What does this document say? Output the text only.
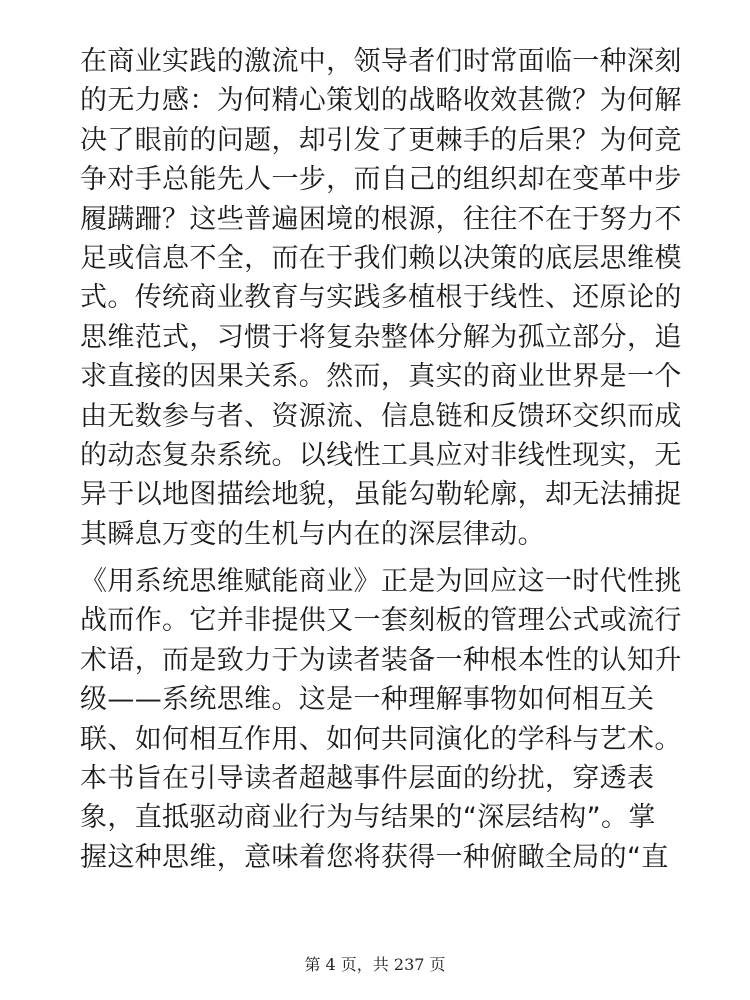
在商业实践的激流中，领导者们时常面临一种深刻
的无力感：为何精心策划的战略收效甚微？为何解
决了眼前的问题，却引发了更棘手的后果？为何竞
争对手总能先人一步，而自己的组织却在变革中步
履蹒跚？这些普遍困境的根源，往往不在于努力不
足或信息不全，而在于我们赖以决策的底层思维模
式。传统商业教育与实践多植根于线性、还原论的
思维范式，习惯于将复杂整体分解为孤立部分，追
求直接的因果关系。然而，真实的商业世界是一个
由无数参与者、资源流、信息链和反馈环交织而成
的动态复杂系统。以线性工具应对非线性现实，无
异于以地图描绘地貌，虽能勾勒轮廓，却无法捕捉
其瞬息万变的生机与内在的深层律动。
《用系统思维赋能商业》正是为回应这一时代性挑
战而作。它并非提供又一套刻板的管理公式或流行
术语，而是致力于为读者装备一种根本性的认知升
级——系统思维。这是一种理解事物如何相互关
联、如何相互作用、如何共同演化的学科与艺术。
本书旨在引导读者超越事件层面的纷扰，穿透表
象，直抵驱动商业行为与结果的“深层结构”。掌
握这种思维，意味着您将获得一种俯瞰全局的“直
第 4 页，共 237 页
